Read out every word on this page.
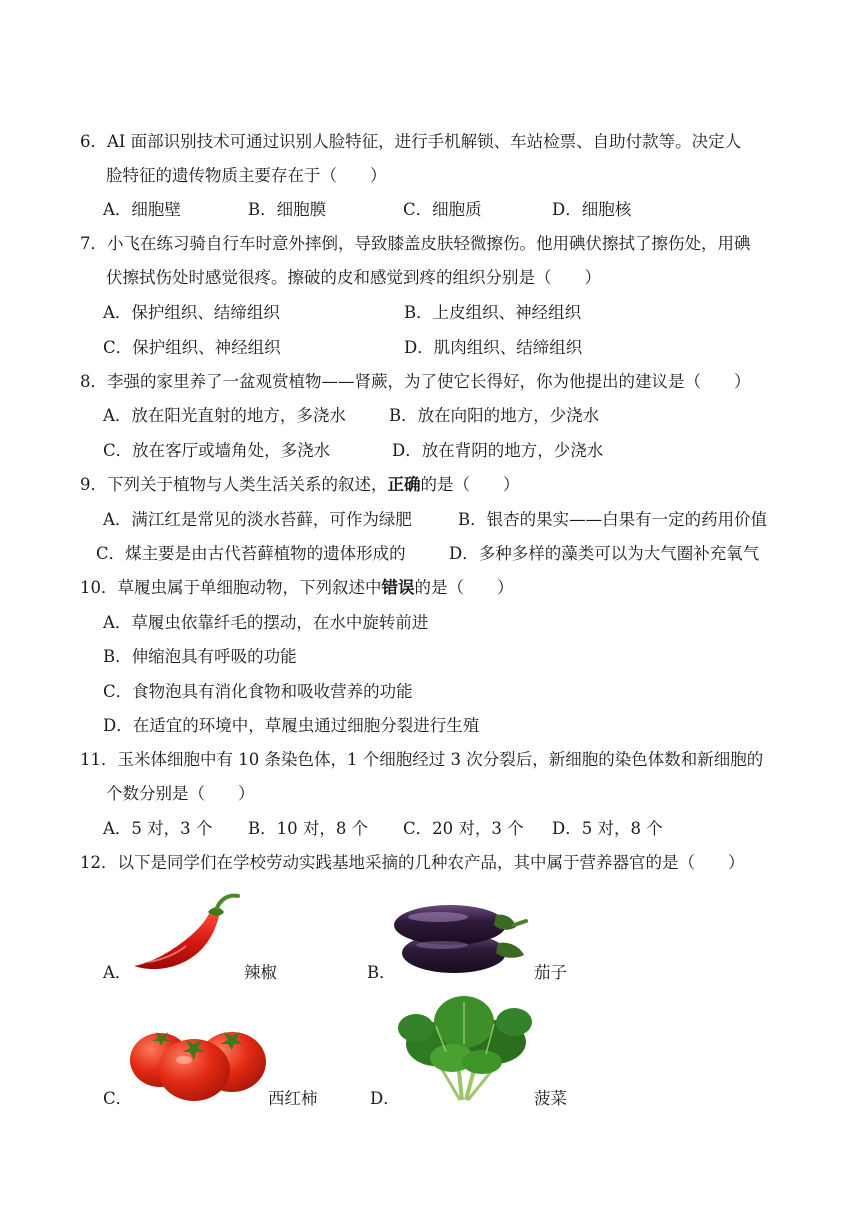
6．AI 面部识别技术可通过识别人脸特征，进行手机解锁、车站检票、自助付款等。决定人
脸特征的遗传物质主要存在于（　　）
A．细胞壁	B．细胞膜	C．细胞质	D．细胞核
7．小飞在练习骑自行车时意外摔倒，导致膝盖皮肤轻微擦伤。他用碘伏擦拭了擦伤处，用碘
伏擦拭伤处时感觉很疼。擦破的皮和感觉到疼的组织分别是（　　）
A．保护组织、结缔组织	B．上皮组织、神经组织
C．保护组织、神经组织	D．肌肉组织、结缔组织
8．李强的家里养了一盆观赏植物——肾蕨，为了使它长得好，你为他提出的建议是（　　）
A．放在阳光直射的地方，多浇水	B．放在向阳的地方，少浇水
C．放在客厅或墙角处，多浇水	D．放在背阴的地方，少浇水
9．下列关于植物与人类生活关系的叙述，正确的是（　　）
A．满江红是常见的淡水苔藓，可作为绿肥	B．银杏的果实——白果有一定的药用价值
C．煤主要是由古代苔藓植物的遗体形成的	D．多种多样的藻类可以为大气圈补充氧气
10．草履虫属于单细胞动物，下列叙述中错误的是（　　）
A．草履虫依靠纤毛的摆动，在水中旋转前进
B．伸缩泡具有呼吸的功能
C．食物泡具有消化食物和吸收营养的功能
D．在适宜的环境中，草履虫通过细胞分裂进行生殖
11．玉米体细胞中有 10 条染色体，1 个细胞经过 3 次分裂后，新细胞的染色体数和新细胞的
个数分别是（　　）
A．5 对，3 个 B．10 对，8 个 C．20 对，3 个 D．5 对，8 个
12．以下是同学们在学校劳动实践基地采摘的几种农产品，其中属于营养器官的是（　　）
A．	辣椒	B．	茄子
C．	西红柿	D．	菠菜
